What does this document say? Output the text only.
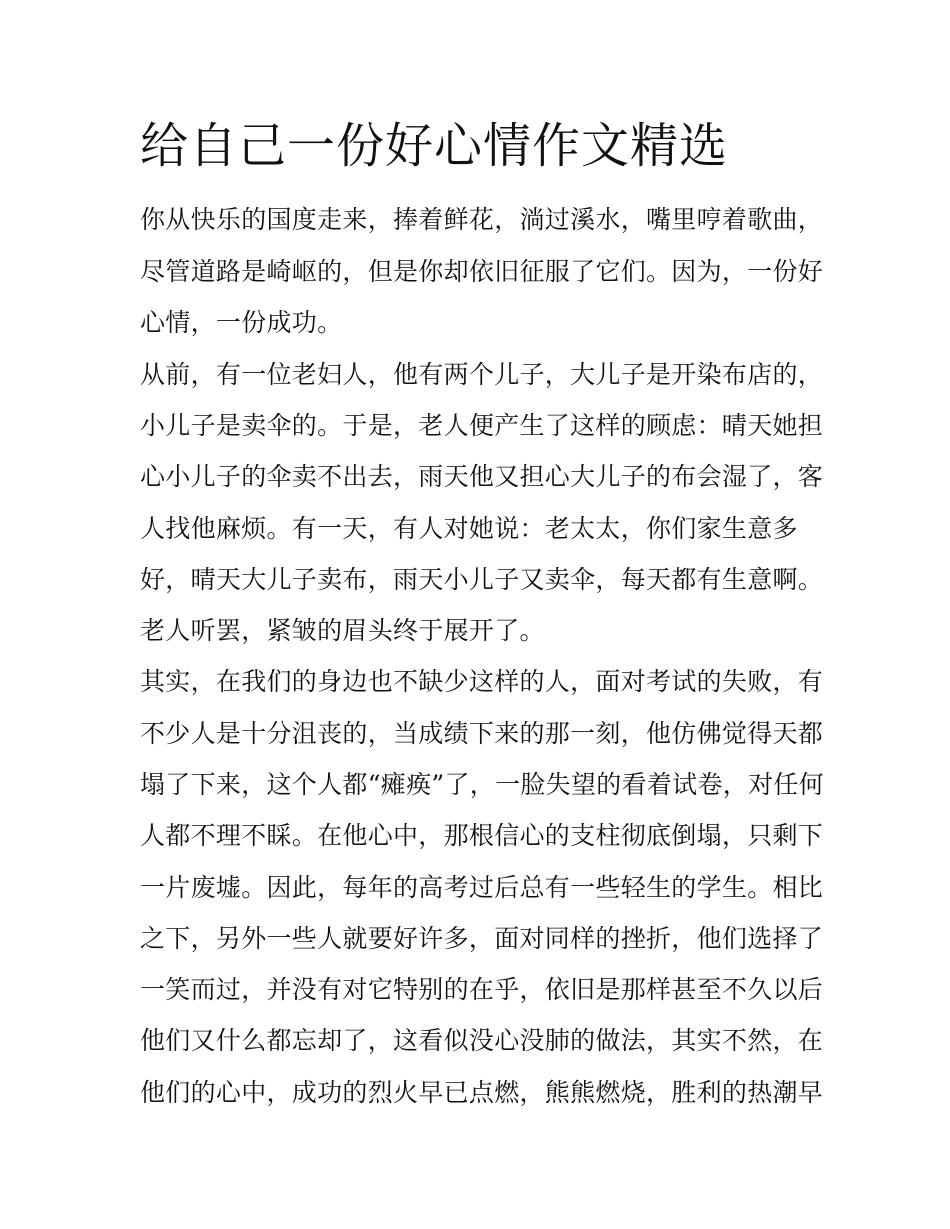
给自己一份好心情作文精选

你从快乐的国度走来，捧着鲜花，淌过溪水，嘴里哼着歌曲，

尽管道路是崎岖的，但是你却依旧征服了它们。因为，一份好

心情，一份成功。

从前，有一位老妇人，他有两个儿子，大儿子是开染布店的，

小儿子是卖伞的。于是，老人便产生了这样的顾虑：晴天她担

心小儿子的伞卖不出去，雨天他又担心大儿子的布会湿了，客

人找他麻烦。有一天，有人对她说：老太太，你们家生意多

好，晴天大儿子卖布，雨天小儿子又卖伞，每天都有生意啊。

老人听罢，紧皱的眉头终于展开了。

其实，在我们的身边也不缺少这样的人，面对考试的失败，有

不少人是十分沮丧的，当成绩下来的那一刻，他仿佛觉得天都

塌了下来，这个人都“瘫痪”了，一脸失望的看着试卷，对任何

人都不理不睬。在他心中，那根信心的支柱彻底倒塌，只剩下

一片废墟。因此，每年的高考过后总有一些轻生的学生。相比

之下，另外一些人就要好许多，面对同样的挫折，他们选择了

一笑而过，并没有对它特别的在乎，依旧是那样甚至不久以后

他们又什么都忘却了，这看似没心没肺的做法，其实不然，在

他们的心中，成功的烈火早已点燃，熊熊燃烧，胜利的热潮早
